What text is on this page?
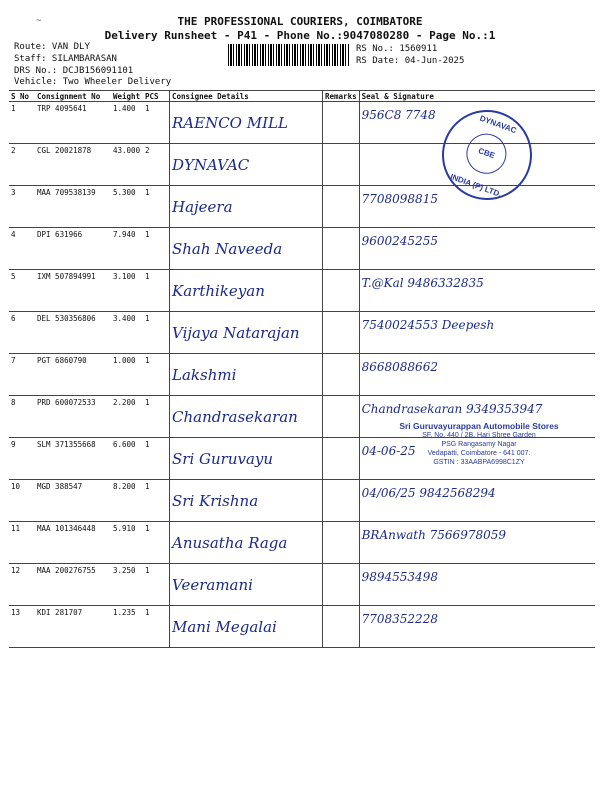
~	THE PROFESSIONAL COURIERS, COIMBATORE
Delivery Runsheet - P41 - Phone No.:9047080280 - Page No.:1
Route: VAN DLY
Staff: SILAMBARASAN
DRS No.: DCJB156091101
Vehicle: Two Wheeler Delivery
RS No.: 1560911
RS Date: 04-Jun-2025
S No	Consignment No	Weight	PCS	Consignee Details	Remarks	Seal & Signature
1	TRP 4095641	1.400	1	RAENCO MILL		956C8 7748

2	CGL 20021878	43.000	2	DYNAVAC		

3	MAA 709538139	5.300	1	Hajeera		7708098815

4	DPI 631966	7.940	1	Shah Naveeda		9600245255

5	IXM 507894991	3.100	1	Karthikeyan		T.@Kal 9486332835

6	DEL 530356806	3.400	1	Vijaya Natarajan		7540024553 Deepesh

7	PGT 6860790	1.000	1	Lakshmi		8668088662

8	PRD 600072533	2.200	1	Chandrasekaran		Chandrasekaran 9349353947

9	SLM 371355668	6.600	1	Sri Guruvayu		04-06-25

10	MGD 388547	8.200	1	Sri Krishna		04/06/25 9842568294

11	MAA 101346448	5.910	1	Anusatha Raga		BRAnwath 7566978059

12	MAA 200276755	3.250	1	Veeramani		9894553498

13	KDI 281707	1.235	1	Mani Megalai		7708352228
DYNAVAC
CBE
INDIA (P) LTD.
Sri Guruvayurappan Automobile Stores
SF. No. 440 / 2B, Hari Shree Garden
PSG Rangasamy Nagar
Vedapatti, Coimbatore - 641 007.
GSTIN : 33AABPA6998C1ZY
